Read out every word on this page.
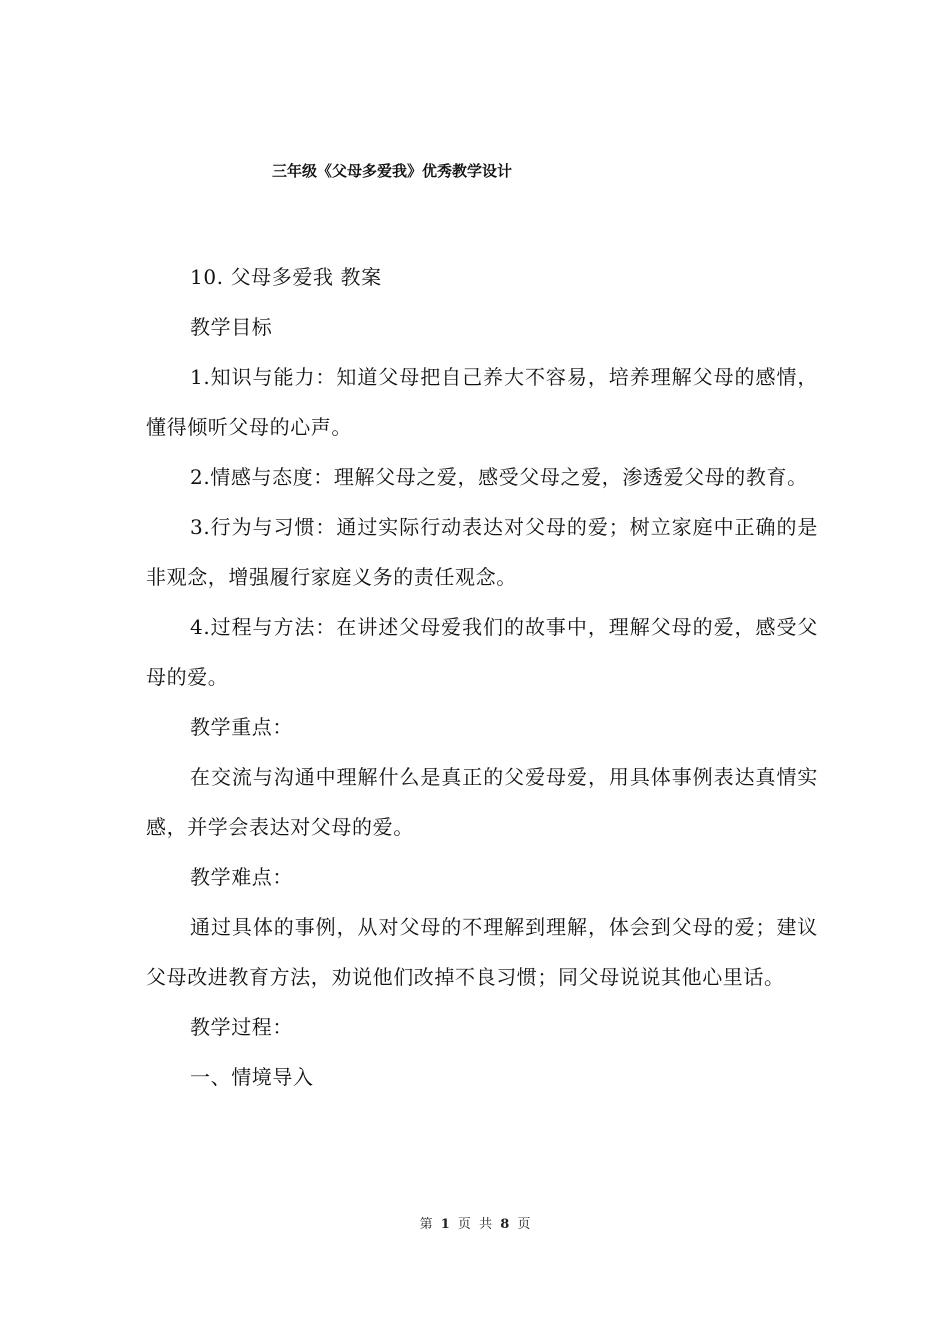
三年级《父母多爱我》优秀教学设计

10. 父母多爱我 教案

教学目标

1.知识与能力：知道父母把自己养大不容易，培养理解父母的感情，懂得倾听父母的心声。

2.情感与态度：理解父母之爱，感受父母之爱，渗透爱父母的教育。

3.行为与习惯：通过实际行动表达对父母的爱；树立家庭中正确的是非观念，增强履行家庭义务的责任观念。

4.过程与方法：在讲述父母爱我们的故事中，理解父母的爱，感受父母的爱。

教学重点：

在交流与沟通中理解什么是真正的父爱母爱，用具体事例表达真情实感，并学会表达对父母的爱。

教学难点：

通过具体的事例，从对父母的不理解到理解，体会到父母的爱；建议父母改进教育方法，劝说他们改掉不良习惯；同父母说说其他心里话。

教学过程：

一、情境导入

第 1 页 共 8 页
